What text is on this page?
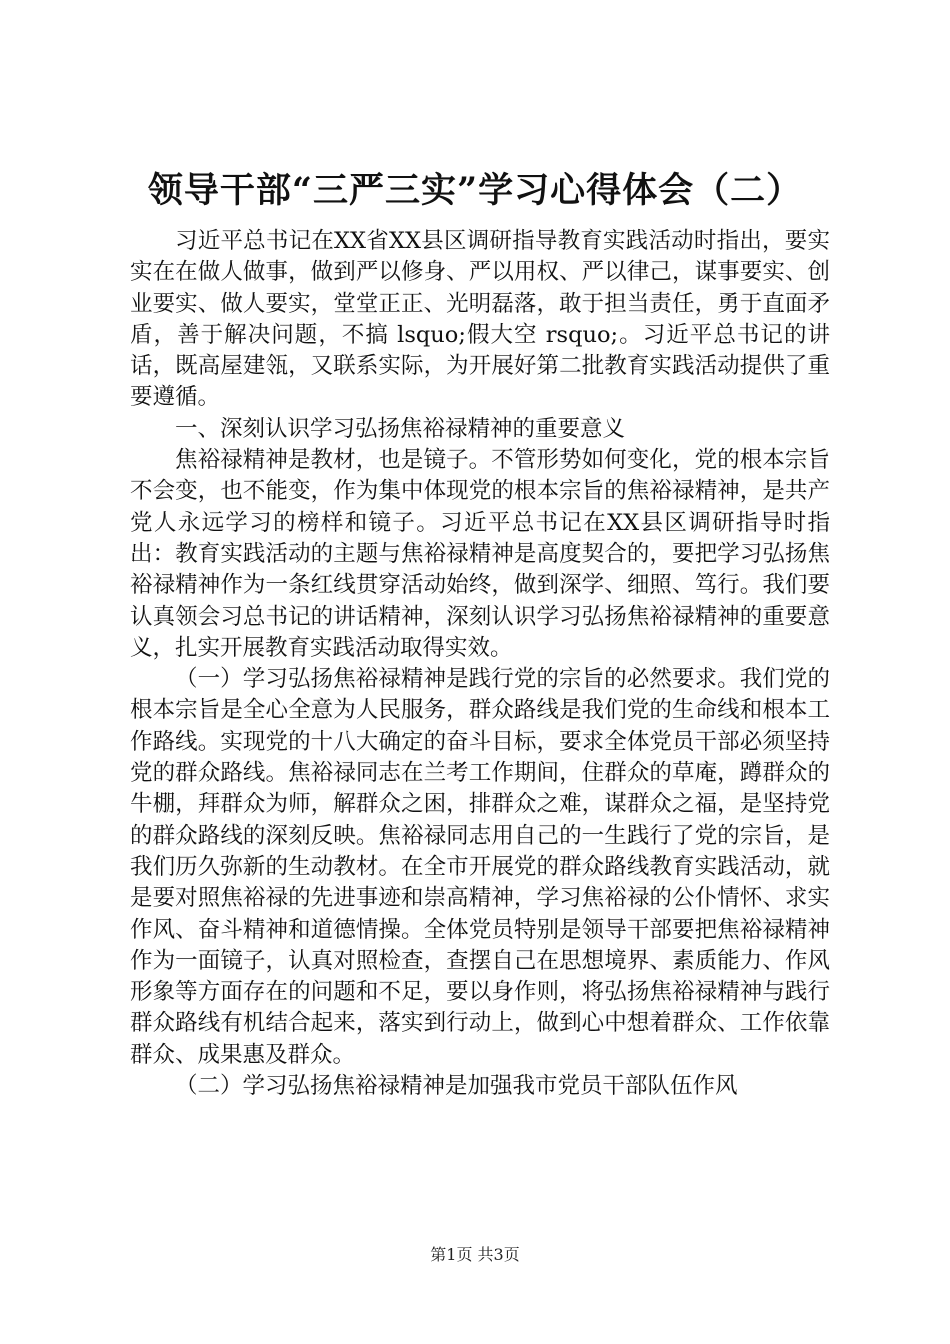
领导干部“三严三实”学习心得体会（二）

习近平总书记在XX省XX县区调研指导教育实践活动时指出，要实实在在做人做事，做到严以修身、严以用权、严以律己，谋事要实、创业要实、做人要实，堂堂正正、光明磊落，敢于担当责任，勇于直面矛盾，善于解决问题，不搞 lsquo;假大空 rsquo;。习近平总书记的讲话，既高屋建瓴，又联系实际，为开展好第二批教育实践活动提供了重要遵循。

一、深刻认识学习弘扬焦裕禄精神的重要意义

焦裕禄精神是教材，也是镜子。不管形势如何变化，党的根本宗旨不会变，也不能变，作为集中体现党的根本宗旨的焦裕禄精神，是共产党人永远学习的榜样和镜子。习近平总书记在XX县区调研指导时指出：教育实践活动的主题与焦裕禄精神是高度契合的，要把学习弘扬焦裕禄精神作为一条红线贯穿活动始终，做到深学、细照、笃行。我们要认真领会习总书记的讲话精神，深刻认识学习弘扬焦裕禄精神的重要意义，扎实开展教育实践活动取得实效。

（一）学习弘扬焦裕禄精神是践行党的宗旨的必然要求。我们党的根本宗旨是全心全意为人民服务，群众路线是我们党的生命线和根本工作路线。实现党的十八大确定的奋斗目标，要求全体党员干部必须坚持党的群众路线。焦裕禄同志在兰考工作期间，住群众的草庵，蹲群众的牛棚，拜群众为师，解群众之困，排群众之难，谋群众之福，是坚持党的群众路线的深刻反映。焦裕禄同志用自己的一生践行了党的宗旨，是我们历久弥新的生动教材。在全市开展党的群众路线教育实践活动，就是要对照焦裕禄的先进事迹和崇高精神，学习焦裕禄的公仆情怀、求实作风、奋斗精神和道德情操。全体党员特别是领导干部要把焦裕禄精神作为一面镜子，认真对照检查，查摆自己在思想境界、素质能力、作风形象等方面存在的问题和不足，要以身作则，将弘扬焦裕禄精神与践行群众路线有机结合起来，落实到行动上，做到心中想着群众、工作依靠群众、成果惠及群众。

（二）学习弘扬焦裕禄精神是加强我市党员干部队伍作风

第1页 共3页
